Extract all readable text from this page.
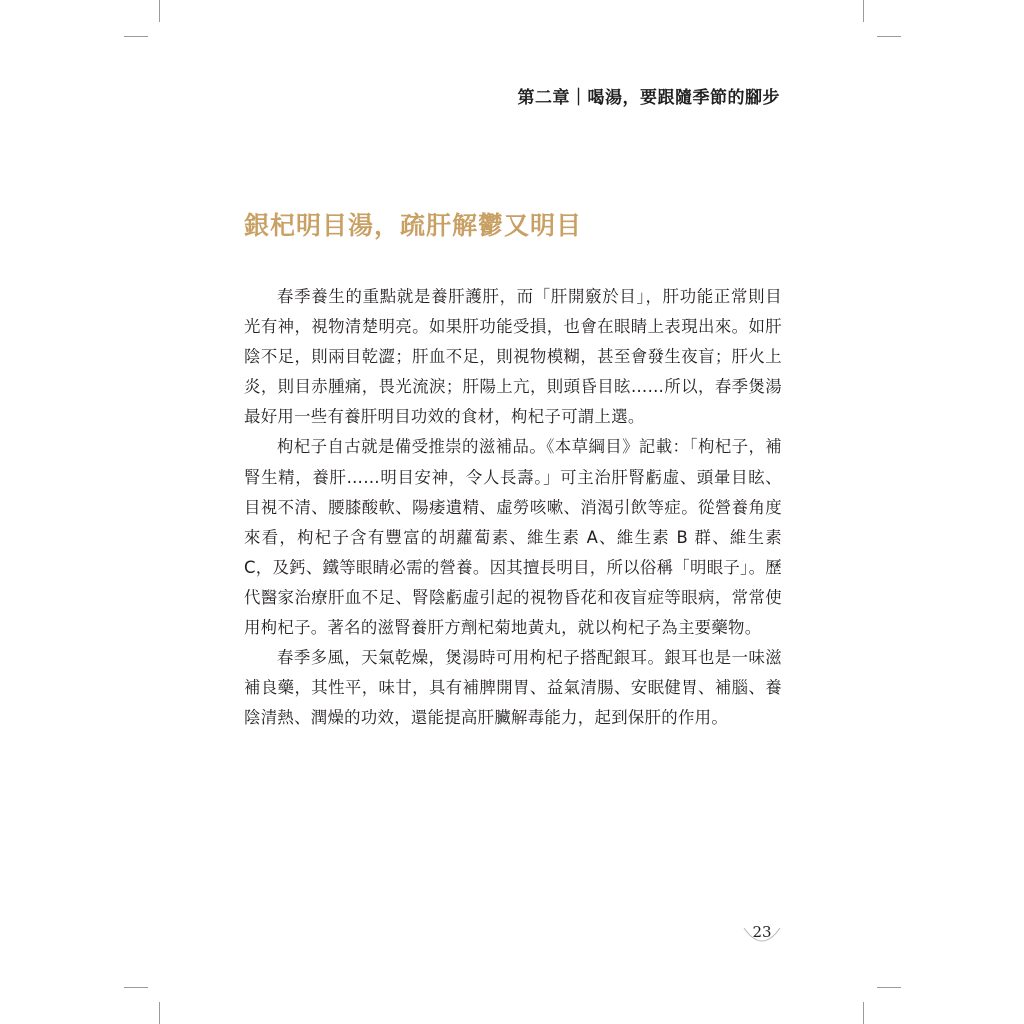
第二章｜喝湯，要跟隨季節的腳步
銀杞明目湯，疏肝解鬱又明目

春季養生的重點就是養肝護肝，而「肝開竅於目」，肝功能正常則目光有神，視物清楚明亮。如果肝功能受損，也會在眼睛上表現出來。如肝陰不足，則兩目乾澀；肝血不足，則視物模糊，甚至會發生夜盲；肝火上炎，則目赤腫痛，畏光流淚；肝陽上亢，則頭昏目眩……所以，春季煲湯最好用一些有養肝明目功效的食材，枸杞子可謂上選。

枸杞子自古就是備受推崇的滋補品。《本草綱目》記載：「枸杞子，補腎生精，養肝……明目安神，令人長壽。」可主治肝腎虧虛、頭暈目眩、目視不清、腰膝酸軟、陽痿遺精、虛勞咳嗽、消渴引飲等症。從營養角度來看，枸杞子含有豐富的胡蘿蔔素、維生素 A、維生素 B 群、維生素 C，及鈣、鐵等眼睛必需的營養。因其擅長明目，所以俗稱「明眼子」。歷代醫家治療肝血不足、腎陰虧虛引起的視物昏花和夜盲症等眼病，常常使用枸杞子。著名的滋腎養肝方劑杞菊地黃丸，就以枸杞子為主要藥物。

春季多風，天氣乾燥，煲湯時可用枸杞子搭配銀耳。銀耳也是一味滋補良藥，其性平，味甘，具有補脾開胃、益氣清腸、安眠健胃、補腦、養陰清熱、潤燥的功效，還能提高肝臟解毒能力，起到保肝的作用。

23
